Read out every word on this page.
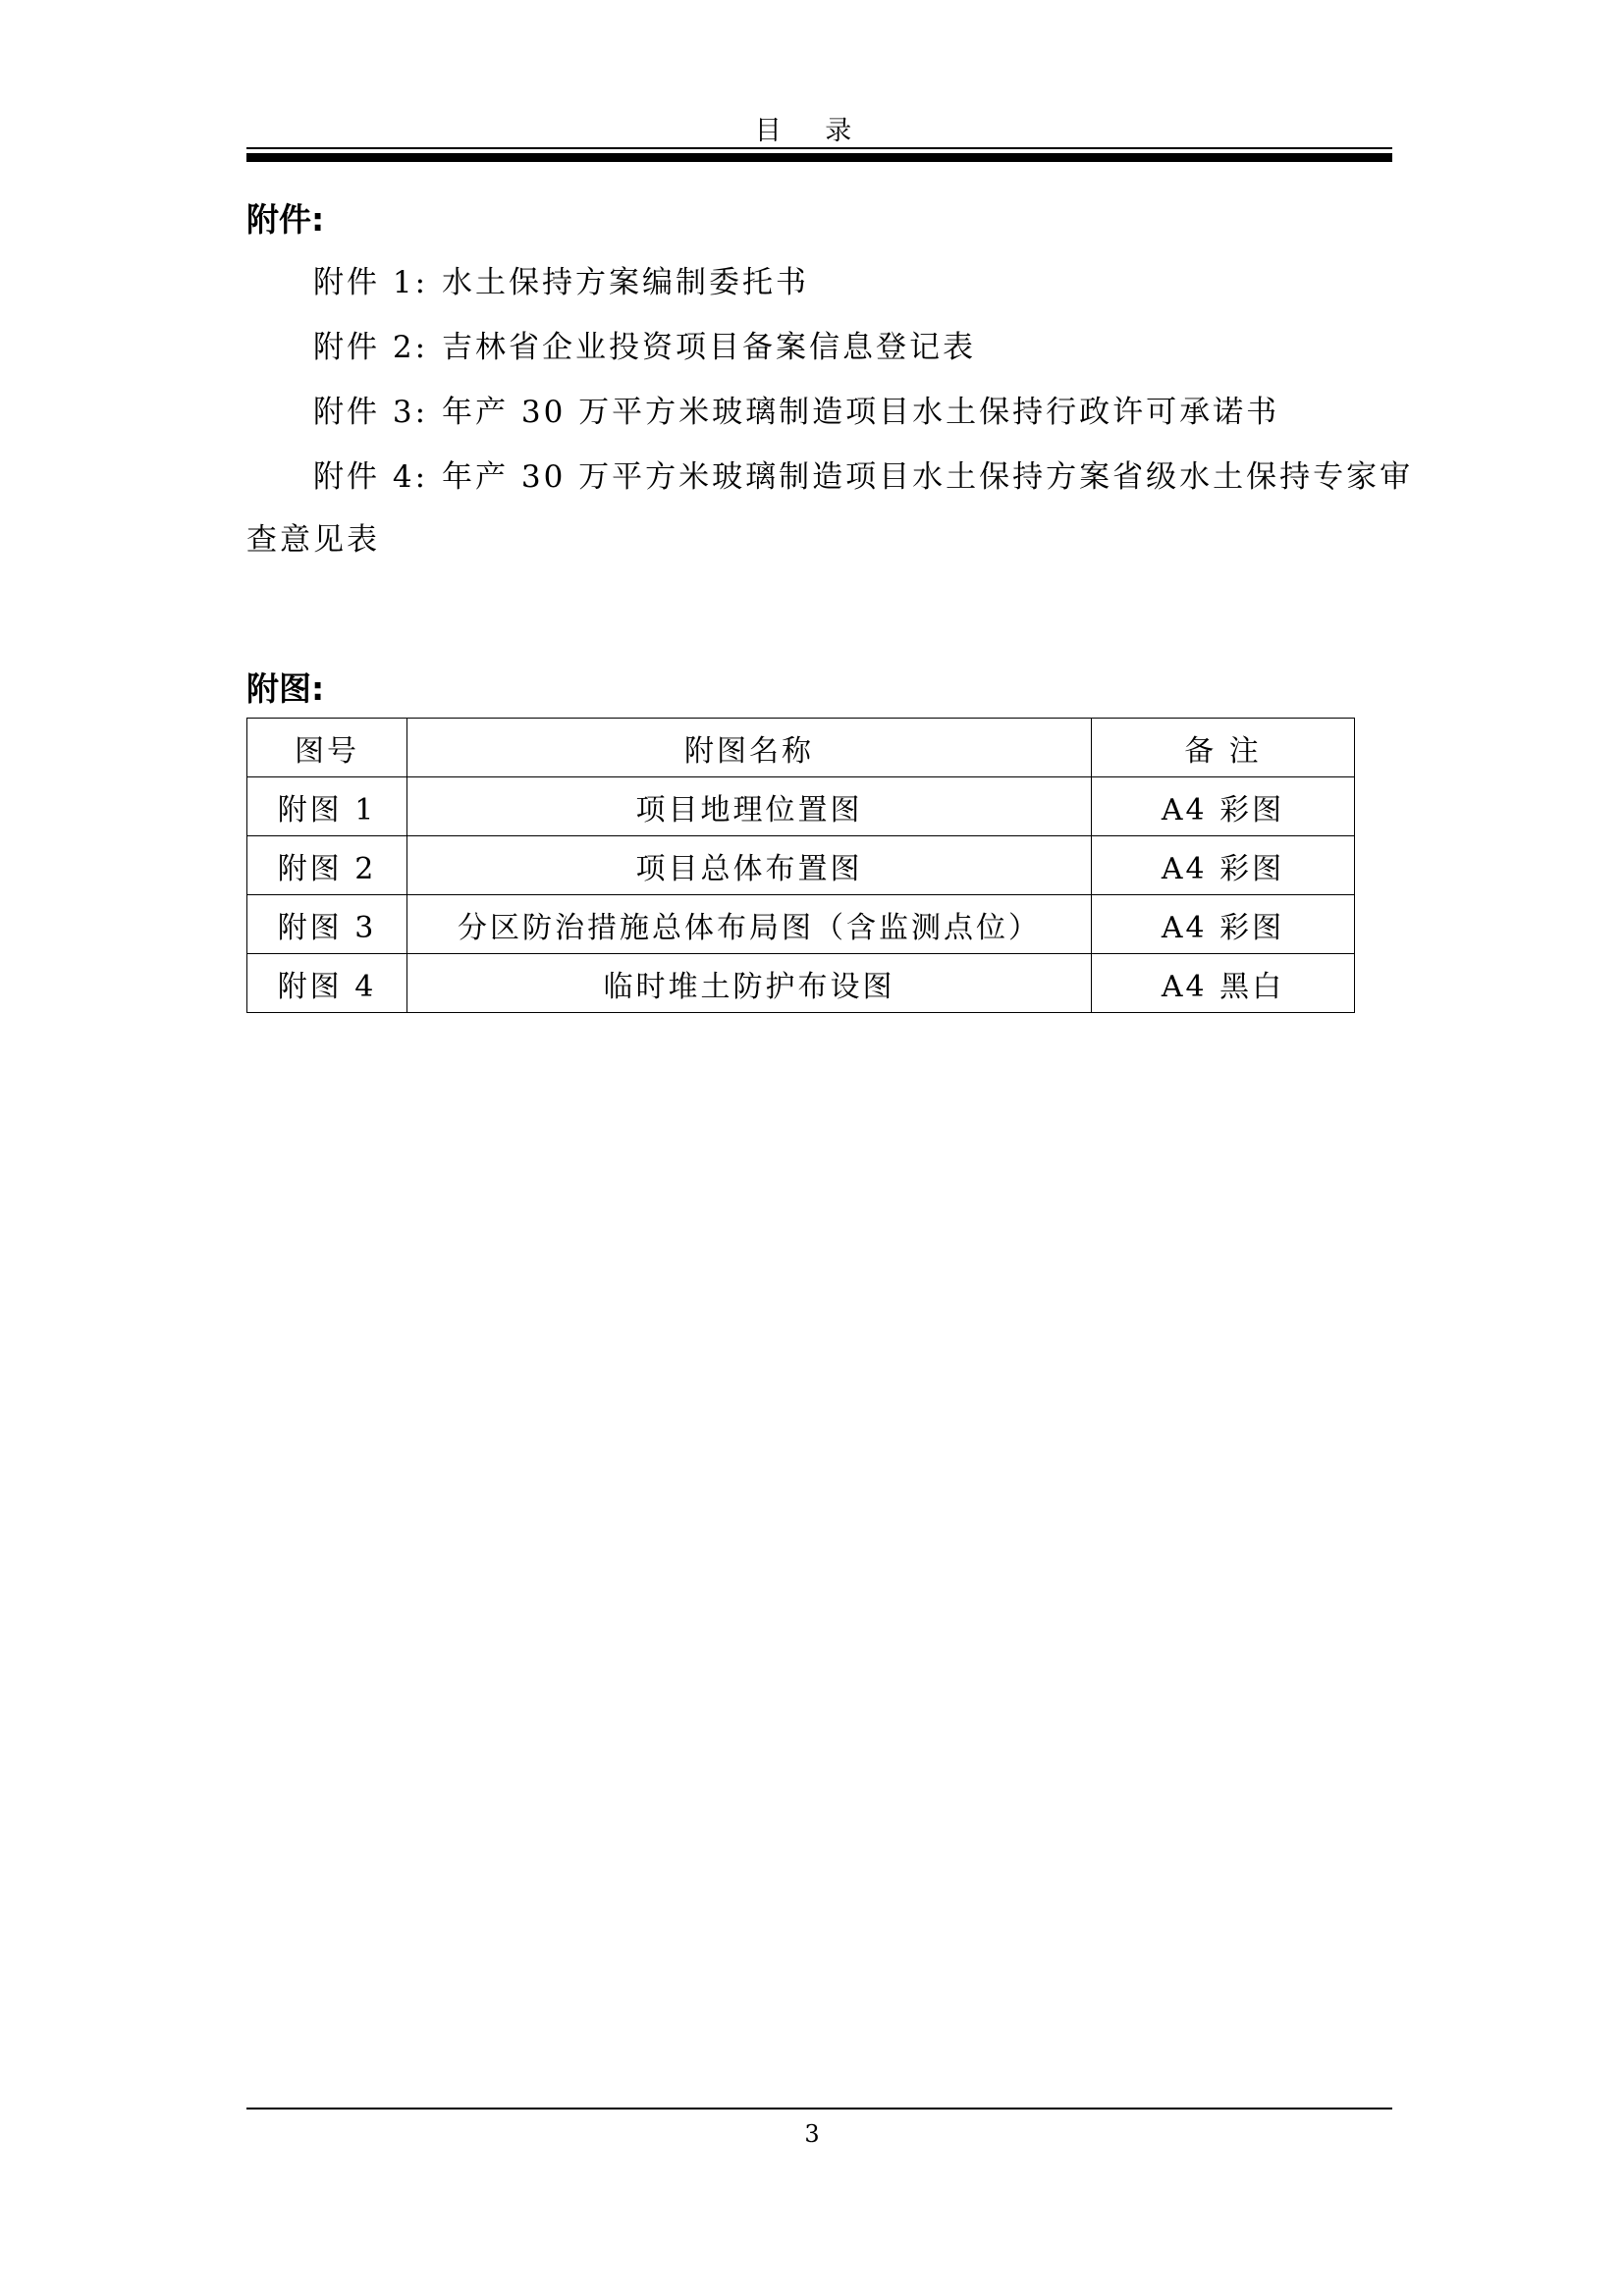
目 录
附件:
附件 1: 水土保持方案编制委托书
附件 2: 吉林省企业投资项目备案信息登记表
附件 3: 年产 30 万平方米玻璃制造项目水土保持行政许可承诺书
附件 4: 年产 30 万平方米玻璃制造项目水土保持方案省级水土保持专家审
查意见表
附图:
图号	附图名称	备 注
附图 1	项目地理位置图	A4 彩图
附图 2	项目总体布置图	A4 彩图
附图 3	分区防治措施总体布局图（含监测点位）	A4 彩图
附图 4	临时堆土防护布设图	A4 黑白
3
